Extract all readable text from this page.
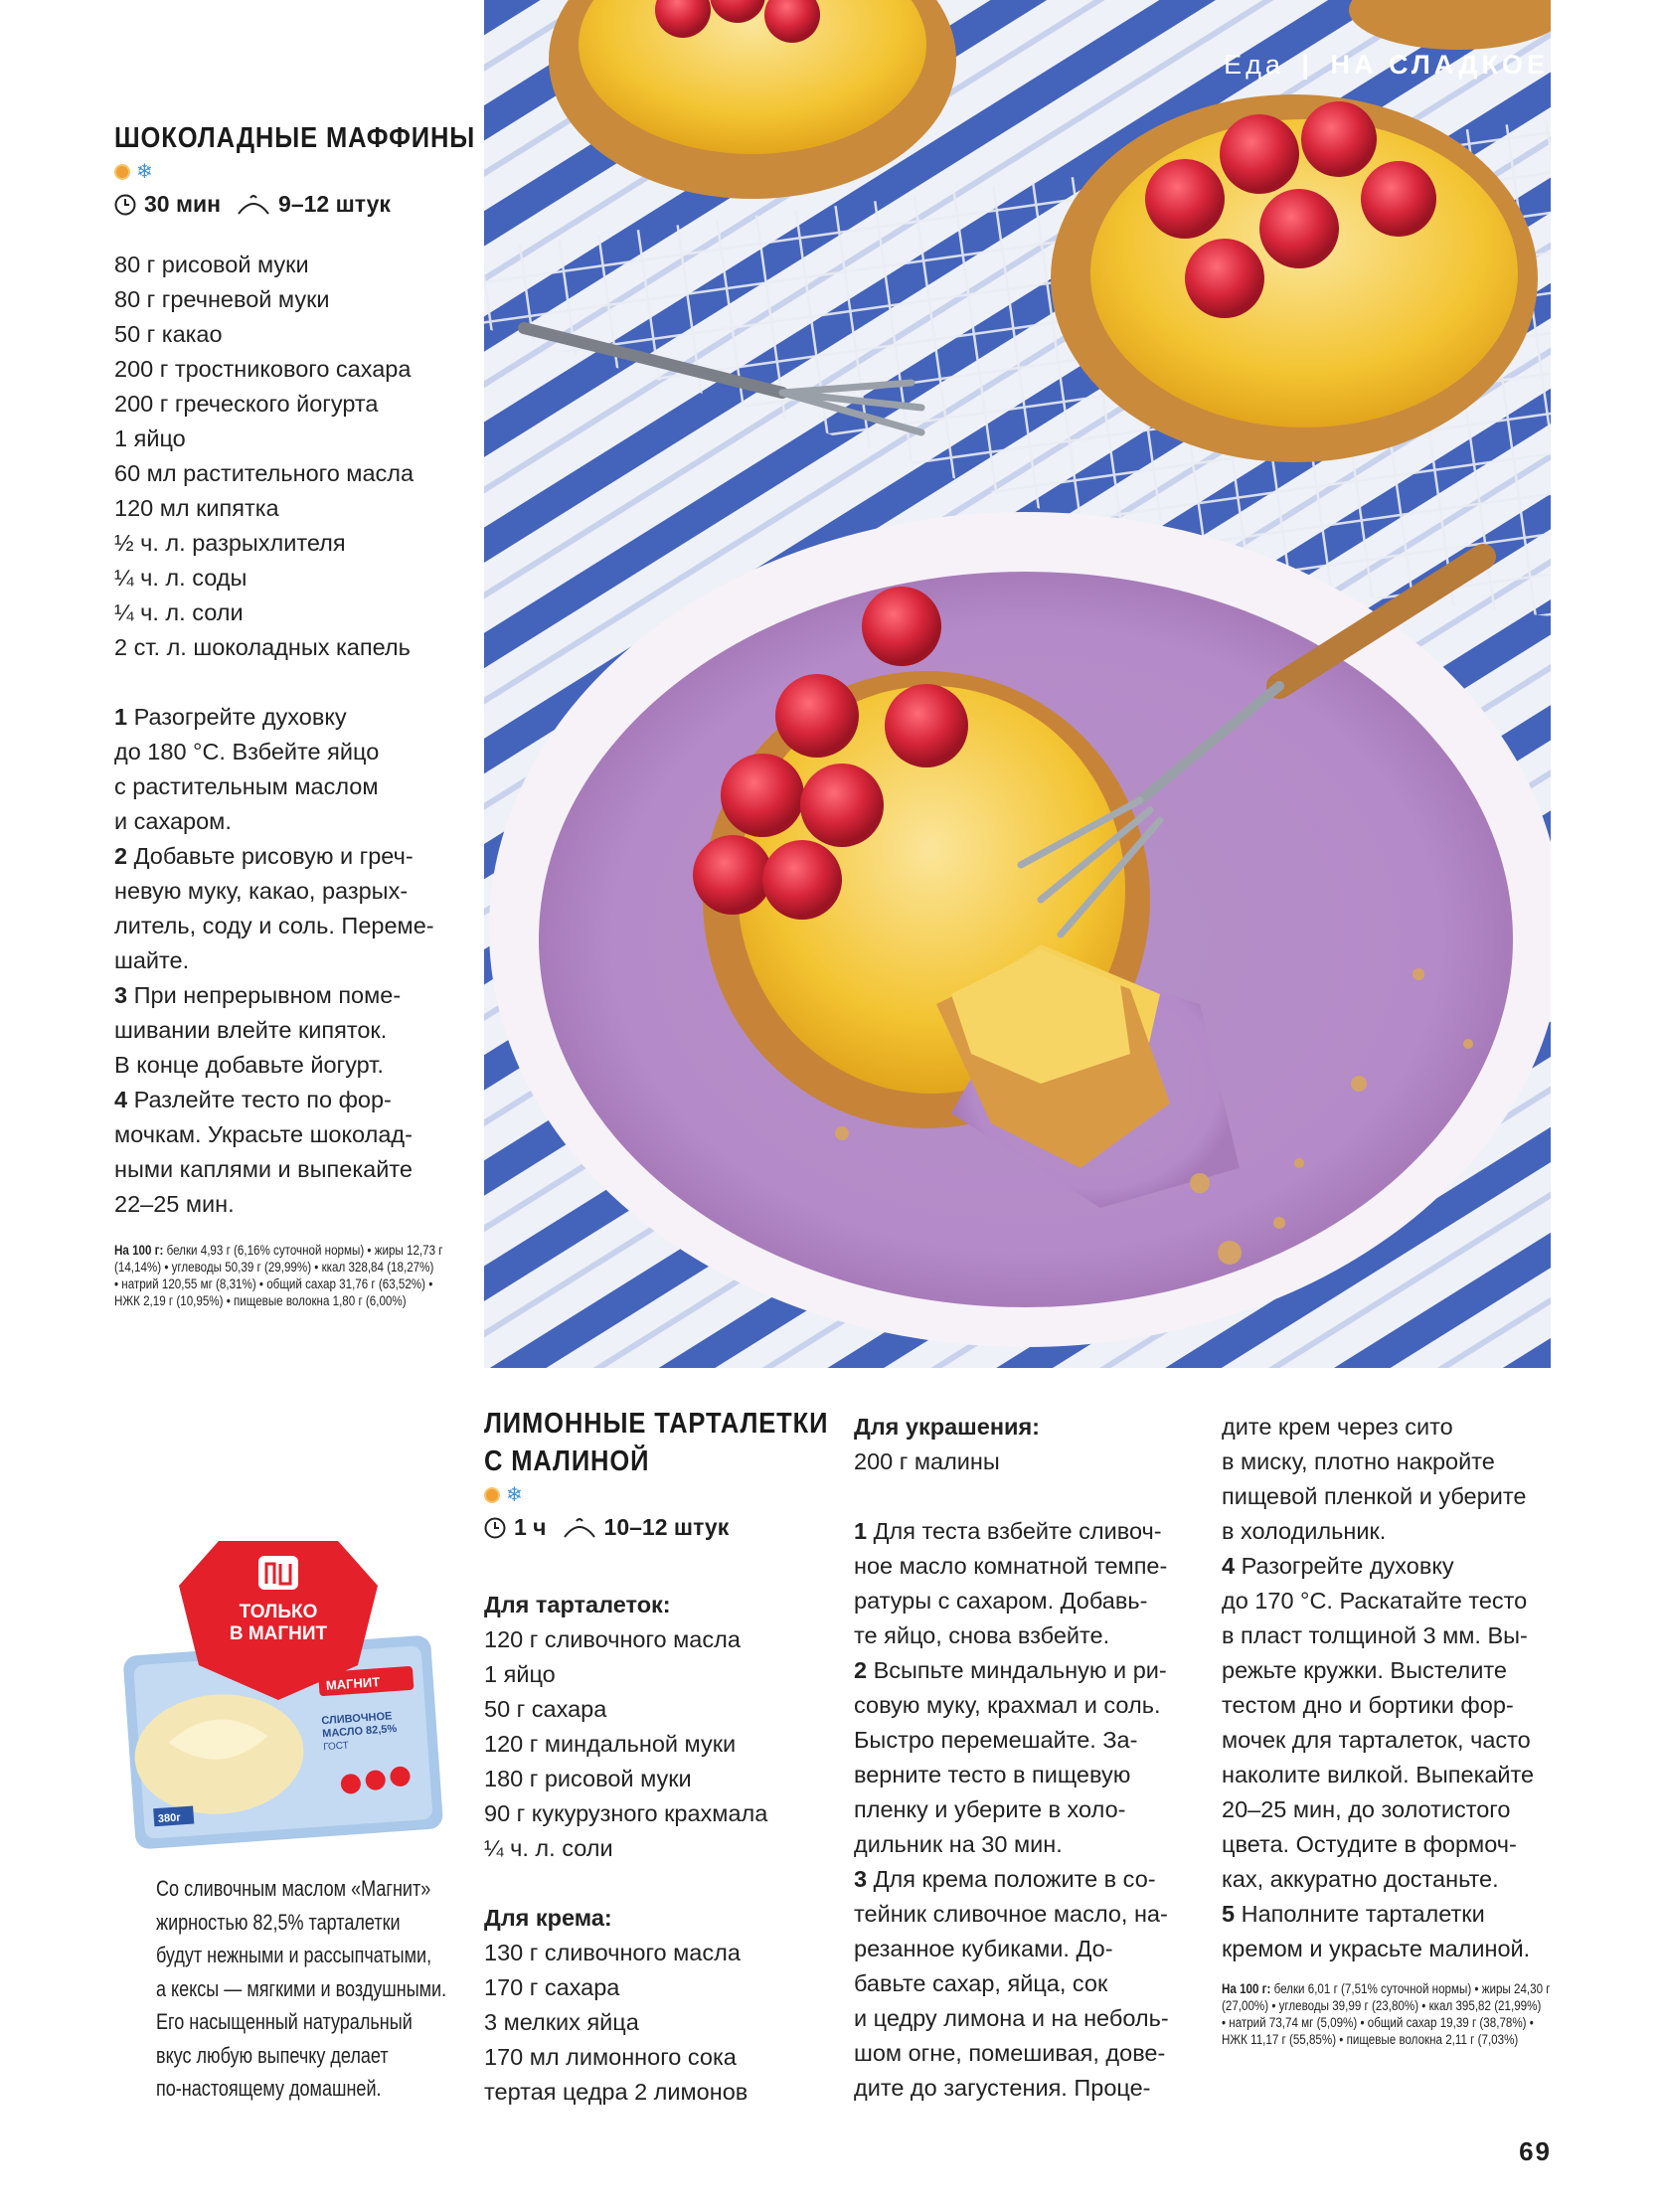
Еда | НА СЛАДКОЕ
ШОКОЛАДНЫЕ МАФФИНЫ
❄
30 мин	9–12 штук
80 г рисовой муки
80 г гречневой муки
50 г какао
200 г тростникового сахара
200 г греческого йогурта
1 яйцо
60 мл растительного масла
120 мл кипятка
½ ч. л. разрыхлителя
¼ ч. л. соды
¼ ч. л. соли
2 ст. л. шоколадных капель
1 Разогрейте духовку
до 180 °С. Взбейте яйцо
с растительным маслом
и сахаром.
2 Добавьте рисовую и греч-
невую муку, какао, разрых-
литель, соду и соль. Переме-
шайте.
3 При непрерывном поме-
шивании влейте кипяток.
В конце добавьте йогурт.
4 Разлейте тесто по фор-
мочкам. Украсьте шоколад-
ными каплями и выпекайте
22–25 мин.
На 100 г: белки 4,93 г (6,16% суточной нормы) • жиры 12,73 г
(14,14%) • углеводы 50,39 г (29,99%) • ккал 328,84 (18,27%)
• натрий 120,55 мг (8,31%) • общий сахар 31,76 г (63,52%) •
НЖК 2,19 г (10,95%) • пищевые волокна 1,80 г (6,00%)
МАГНИТ
СЛИВОЧНОЕ
МАСЛО 82,5%
ГОСТ
380г
ТОЛЬКО
В МАГНИТ
Со сливочным маслом «Магнит»
жирностью 82,5% тарталетки
будут нежными и рассыпчатыми,
а кексы — мягкими и воздушными.
Его насыщенный натуральный
вкус любую выпечку делает
по-настоящему домашней.
ЛИМОННЫЕ ТАРТАЛЕТКИ
С МАЛИНОЙ
❄
1 ч	10–12 штук
Для тарталеток:
120 г сливочного масла
1 яйцо
50 г сахара
120 г миндальной муки
180 г рисовой муки
90 г кукурузного крахмала
¼ ч. л. соли
Для крема:
130 г сливочного масла
170 г сахара
3 мелких яйца
170 мл лимонного сока
тертая цедра 2 лимонов
Для украшения:
200 г малины
1 Для теста взбейте сливоч-
ное масло комнатной темпе-
ратуры с сахаром. Добавь-
те яйцо, снова взбейте.
2 Всыпьте миндальную и ри-
совую муку, крахмал и соль.
Быстро перемешайте. За-
верните тесто в пищевую
пленку и уберите в холо-
дильник на 30 мин.
3 Для крема положите в со-
тейник сливочное масло, на-
резанное кубиками. До-
бавьте сахар, яйца, сок
и цедру лимона и на неболь-
шом огне, помешивая, дове-
дите до загустения. Проце-
дите крем через сито
в миску, плотно накройте
пищевой пленкой и уберите
в холодильник.
4 Разогрейте духовку
до 170 °С. Раскатайте тесто
в пласт толщиной 3 мм. Вы-
режьте кружки. Выстелите
тестом дно и бортики фор-
мочек для тарталеток, часто
наколите вилкой. Выпекайте
20–25 мин, до золотистого
цвета. Остудите в формоч-
ках, аккуратно достаньте.
5 Наполните тарталетки
кремом и украсьте малиной.
На 100 г: белки 6,01 г (7,51% суточной нормы) • жиры 24,30 г
(27,00%) • углеводы 39,99 г (23,80%) • ккал 395,82 (21,99%)
• натрий 73,74 мг (5,09%) • общий сахар 19,39 г (38,78%) •
НЖК 11,17 г (55,85%) • пищевые волокна 2,11 г (7,03%)
69
